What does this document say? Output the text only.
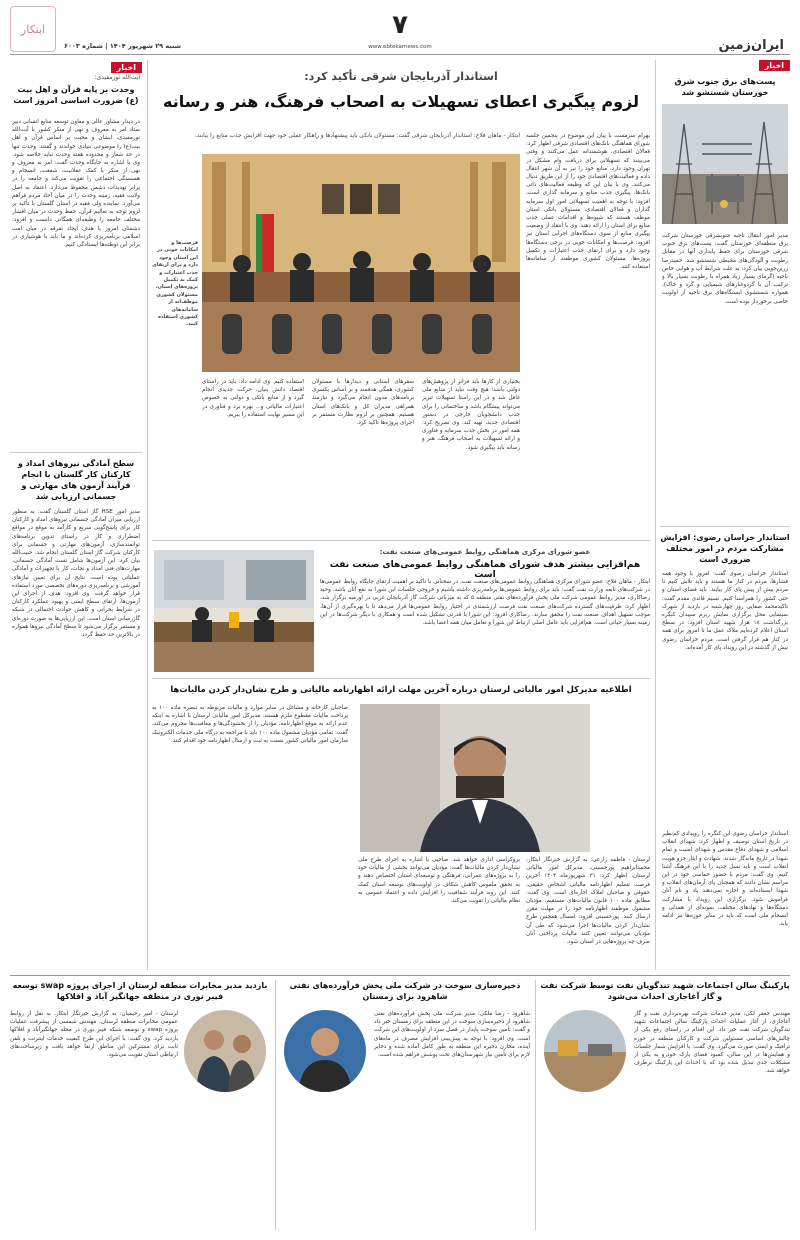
ایران‌زمین
۷
www.ebtekarnews.com
شنبه ۲۹ شهریور ۱۴۰۴ | شماره ۶۰۰۳
ابتکار
اخبار
پست‌های برق جنوب شرق خوزستان شستشو شد
مدیر امور انتقال ناحیه جنوبشرقی خوزستان شرکت برق منطقه‌ای خوزستان گفت: پست‌های برق جنوب شرقی خوزستان برای حفظ پایداری آنها در مقابل رطوبت و آلودگی‌های محیطی شستشو شد. حمیدرضا زرین‌جویی بیان کرد: به علت شرایط آب و هوایی خاص ناحیه (گرمای بسیار زیاد همراه با رطوبت بسیار بالا و ترکیب آن با گردوغبارهای شیمیایی و گرد و خاک)، همواره شستشوی ایستگاه‌های برق ناحیه از اولویت خاصی برخوردار بوده است.
استاندار خراسان رضوی: افزایش مشارکت مردم در امور مختلف ضروری است
استاندار خراسان رضوی گفت: امروز با وجود همه فشارها، مردم در کنار ما هستند و باید تلاش کنیم تا مردم بیش از پیش پای کار بیایند. باید فضای استان و حتی کشور را همراستا کنیم. نسیم قائدی مقدم گفت: تاکیدمحمد صفایی روز چهارشنبه در بازدید از شهرک سینمایی محل برگزاری نمایش ربزم سپیدان کنگره بزرگداشت ۱۸ هزار شهید استان افزود: در سطح استان اعلام کرده‌ایم ملاک عمل ما تا امروز برای همه در کنار هم قرار گرفتن است. مردم خراسان رضوی بیش از گذشته در این رویداد پای کار آمده‌اند.
استاندار خراسان رضوی این کنگره را رویدادی کم‌نظیر در تاریخ استان توصیف و اظهار کرد: شهدای انقلاب اسلامی و شهدای دفاع مقدس و شهدای امنیت و تمام شهدا در تاریخ ماندگار شدند. شهادت و ایثار جزو هویت انقلاب است و باید نسل جدید را با این فرهنگ آشنا کنیم. وی گفت: مردم با حضور حماسی خود در این مراسم نشان دادند که همچنان پای آرمان‌های انقلاب و شهدا ایستاده‌اند و اجازه نمی‌دهند یاد و نام آنان فراموش شود. برگزاری این رویداد با مشارکت دستگاه‌ها و نهادهای مختلف، نمونه‌ای از همدلی و انسجام ملی است که باید در سایر حوزه‌ها نیز ادامه یابد.
اخبار
آیت‌الله نورمفیدی:
وحدت بر پایه قرآن و اهل بیت (ع) ضرورت اساسی امروز است
در دیدار مشاور عالی و معاون توسعه منابع انسانی دبیر ستاد امر به معروف و نهی از منکر کشور با آیت‌الله نورمفیدی، ایشان و محبت بر اساس قرآن و اهل بیت(ع) را موضوعی بنیادی خواندند و گفتند: وحدت تنها در حد شعار و محدوده هفته وحدت نباید خلاصه شود. وی با اشاره به جایگاه وحدت گفت: امر به معروف و نهی از منکر با کمک عقلانیت، شفقت، انسجام و همبستگی اجتماعی را تقویت می‌کند و جامعه را در برابر تهدیدات دشمن محفوظ می‌دارد. اعتقاد به اصل ولایت فقیه، زمینه وحدت را در میان آحاد مردم فراهم می‌آورد. نماینده ولی فقیه در استان گلستان با تأکید بر لزوم توجه به تعالیم قرآن، حفظ وحدت در میان اقشار مختلف جامعه را وظیفه‌ای همگانی دانست و افزود: دشمنان امروز با هدف ایجاد تفرقه در میان امت اسلامی برنامه‌ریزی کرده‌اند و ما باید با هوشیاری در برابر این توطئه‌ها ایستادگی کنیم.
سطح آمادگی نیروهای امداد و کارکنان کار گلستان با انجام فرآیند آزمون های مهارتی و جسمانی ارزیابی شد
مدیر امور HSE گاز استان گلستان گفت: به منظور ارزیابی میزان آمادگی جسمانی نیروهای امداد و کارکنان کار برای پاسخ‌گویی سریع و کارآمد به موقع در مواقع اضطراری و کار در راستای تدوین برنامه‌های توانمندسازی، آزمون‌های مهارتی و جسمانی برای کارکنان شرکت گاز استان گلستان انجام شد. حبیب‌الله بیان کرد: این آزمون‌ها شامل تست آمادگی جسمانی، مهارت‌های فنی امداد و نجات، کار با تجهیزات و آمادگی عملیاتی بوده است. نتایج آن برای تعیین نیازهای آموزشی و برنامه‌ریزی دوره‌های تخصصی مورد استفاده قرار خواهد گرفت. وی افزود: هدف از اجرای این آزمون‌ها، ارتقای سطح ایمنی و بهبود عملکرد کارکنان در شرایط بحرانی و کاهش حوادث احتمالی در شبکه گازرسانی استان است. این ارزیابی‌ها به صورت دوره‌ای و مستمر برگزار می‌شود تا سطح آمادگی نیروها همواره در بالاترین حد حفظ گردد.
استاندار آذربایجان شرقی تأکید کرد:
لزوم پیگیری اعطای تسهیلات به اصحاب فرهنگ، هنر و رسانه
ابتکار - ماهان فلاح: استاندار آذربایجان شرقی گفت: مسئولان بانکی باید پیشنهادها و راهکار عملی خود جهت افزایش جذب منابع را بیابند. بهرام سرمست با بیان این موضوع در پنجمین جلسه شورای هماهنگی بانک‌های اقتصادی شرقی اظهار کرد: فعالان اقتصادی، هوشمندانه عمل می‌کنند و وقتی می‌بینند که تسهیلاتی برای دریافت وام مشکل در تهران وجود دارد، منابع خود را نیز به آن شهر انتقال داده و فعالیت‌های اقتصادی خود را از این طریق دنبال می‌کنند. وی با بیان این که وظیفه فعالیت‌های ذاتی بانک‌ها، پیگیری جذب منابع و سرمایه گذاری است، افزود: با توجه به اهمیت تسهیلاتی امور اول سرمایه گذاران و فعالان اقتصادی، مسئولان بانکی استان موظف هستند که شیوه‌ها و اقدامات عملی جذب منابع برای استان را ارائه دهند. وی با انتقاد از وضعیت پیگیری منابع از سوی دستگاه‌های اجرایی استان نیز افزود: فرصت‌ها و امکانات خوبی در برخی دستگاه‌ها وجود دارد و برای ارتقای جذب اعتبارات و تکمیل پروژه‌ها، مسئولان کشوری موظفند از سامانه‌ها استفاده کنند.
فرصت‌ها و امکانات خوبی در این استان وجود دارد و برای ارتقای جذب اعتبارات و کمک به تکمیل پروژه‌های استان، مسئولان کشوری موظف‌اند از سامانه‌های کشوری استفاده کنند.
بختیاری از کارها باید فراتر از پژوهش‌های دولتی باشد؛ هیچ وقت نباید از منابع ملی غافل شد و در این راستا تسهیلات تبریز می‌تواند پیشگام باشد و ساختمانی را برای جذب دانشجویان خارجی در دستور اقتصادی جدید، تهیه کند. وی تصریح کرد: همه امور در بخش جذب سرمایه و فناوری و ارائه تسهیلات به اصحاب فرهنگ، هنر و رسانه باید پیگیری شود.
سفرهای استانی و دیدارها با مسئولان کشوری، همگی هدفمند و بر اساس یکسری برنامه‌های مدون انجام می‌گیرد و نیازمند همراهی مدیران کل و بانک‌های استان هستیم. همچنین بر لزوم نظارت مستمر بر اجرای پروژه‌ها تاکید کرد.
استفاده کنیم. وی ادامه داد: باید در راستای اقتصاد دانش بنیان، حرکت جدیدی انجام گیرد و از منابع بانکی و دولتی به خصوص اعتبارات مالیاتی و... بهره برد و فناوری در این مسیر نهایت استفاده را ببریم.
عضو شورای مرکزی هماهنگی روابط عمومی‌های صنعت نفت:
هم‌افزایی بیشتر هدف شورای هماهنگی روابط عمومی‌های صنعت نفت است
ابتکار - ماهان فلاح: عضو شورای مرکزی هماهنگی روابط عمومی‌های صنعت نفت، در سخنانی با تأکید بر اهمیت ارتقای جایگاه روابط عمومی‌ها در شرکت‌های تابعه وزارت نفت گفت: باید برای روابط عمومی‌ها برنامه‌ریزی داشته باشیم و خروجی جلسات این شورا به نفع آنان باشد. وحید رضاکاری، مدیر روابط عمومی شرکت ملی پخش فرآورده‌های نفتی منطقه ۵ که به میزبانی شرکت گاز آذربایجان غربی در اورمیه برگزار شد، اظهار کرد: ظرفیت‌های گسترده شرکت‌های صنعت نفت فرصت ارزشمندی در اختیار روابط عمومی‌ها قرار می‌دهد تا با بهره‌گیری از آن‌ها، موجب تسهیل اهداف صنعت نفت را محقق سازند. رضاکاری افزود: این شورا با قدرتی تشکیل شده است و همکاری با دیگر شرکت‌ها در این زمینه بسیار حیاتی است. هم‌افزایی باید عامل اصلی ارتباط این شورا و تعامل میان همه اعضا باشد.
اطلاعیه مدیرکل امور مالیاتی لرستان درباره آخرین مهلت ارائه اظهارنامه مالیاتی و طرح نشان‌دار کردن مالیات‌ها
لرستان - فاطمه زارعی: به گزارش خبرنگار ابتکار، محمدابراهیم پورحسینی، مدیرکل امور مالیاتی لرستان، اظهار کرد: ۳۱ شهریورماه ۱۴۰۴ آخرین فرصت تسلیم اظهارنامه مالیاتی اشخاص حقیقی، حقوقی و صاحبان املاک اجاره‌ای است. وی گفت: مطابق ماده ۱۰۰ قانون مالیات‌های مستقیم، مؤدیان مشمول موظفند اظهارنامه خود را در مهلت مقرر ارسال کنند. پورحسینی افزود: امسال همچنین طرح نشان‌دار کردن مالیات‌ها اجرا می‌شود که طی آن مؤدیان می‌توانند تعیین کنند مالیات پرداختی آنان صرف چه پروژه‌هایی در استان شود.
بروکراسی اداری خواهد شد. صاحبی با اشاره به اجرای طرح ملی نشان‌دار کردن مالیات‌ها گفت: مؤدیان می‌توانند بخشی از مالیات خود را به پروژه‌های عمرانی، فرهنگی و توسعه‌ای استان اختصاص دهند و به تحقق ملموس کاهش شکاف در اولویت‌های توسعه استان کمک کنند. این روند فرآیند شفافیت را افزایش داده و اعتماد عمومی به نظام مالیاتی را تقویت می‌کند.
صاحبان کارخانه و مشاغل در سایر موارد و مالیات مربوطه به تبصره ماده ۱۰۰ به پرداخت مالیات مقطوع ملزم هستند. مدیرکل امور مالیاتی لرستان با اشاره به اینکه عدم ارائه به موقع اظهارنامه، مؤدیان را از بخشودگی‌ها و معافیت‌ها محروم می‌کند، گفت: تمامی مؤدیان مشمول ماده ۱۰۰ باید با مراجعه به درگاه ملی خدمات الکترونیک سازمان امور مالیاتی کشور نسبت به ثبت و ارسال اظهارنامه خود اقدام کنند.
پارکینگ سالن اجتماعات شهید تندگویان نفت توسط شرکت نفت و گاز آغاجاری احداث می‌شود
مهندس جعفر لکی، مدیر خدمات شرکت بهره‌برداری نفت و گاز آغاجاری، از آغاز عملیات احداث پارکینگ سالن اجتماعات شهید تندگویان شرکت نفت خبر داد. این اقدام در راستای رفع یکی از چالش‌های اساسی مسئولین شرکت و کارکنان منطقه در حوزه ترافیک و ایمنی صورت می‌گیرد. وی گفت: با افزایش شمار جلسات و همایش‌ها در این سالن، کمبود فضای پارک خودرو به یکی از مشکلات جدی تبدیل شده بود که با احداث این پارکینگ برطرف خواهد شد.
ذخیره‌سازی سوخت در شرکت ملی پخش فرآورده‌های نفتی شاهرود برای زمستان
شاهرود - رضا ملکی: مدیر شرکت ملی پخش فرآورده‌های نفتی شاهرود از ذخیره‌سازی سوخت در این منطقه برای زمستان خبر داد و گفت: تأمین سوخت پایدار در فصل سرد از اولویت‌های این شرکت است. وی افزود: با توجه به پیش‌بینی افزایش مصرف در ماه‌های آینده، مخازن ذخیره این منطقه به طور کامل آماده شده و ذخایر لازم برای تأمین نیاز شهرستان‌های تحت پوشش فراهم شده است.
بازدید مدیر مخابرات منطقه لرستان از اجرای پروژه swap توسعه فیبر نوری در منطقه جهانگیر آباد و افلاکها
لرستان - امیر رحیمیان: به گزارش خبرنگار ابتکار، به نقل از روابط عمومی مخابرات منطقه لرستان، مهندس شمسی از پیشرفت عملیات پروژه swap و توسعه شبکه فیبر نوری در محله جهانگیرآباد و افلاکها بازدید کرد. وی گفت: با اجرای این طرح کیفیت خدمات اینترنت و تلفن ثابت برای مشترکین این مناطق ارتقا خواهد یافت و زیرساخت‌های ارتباطی استان تقویت می‌شود.
